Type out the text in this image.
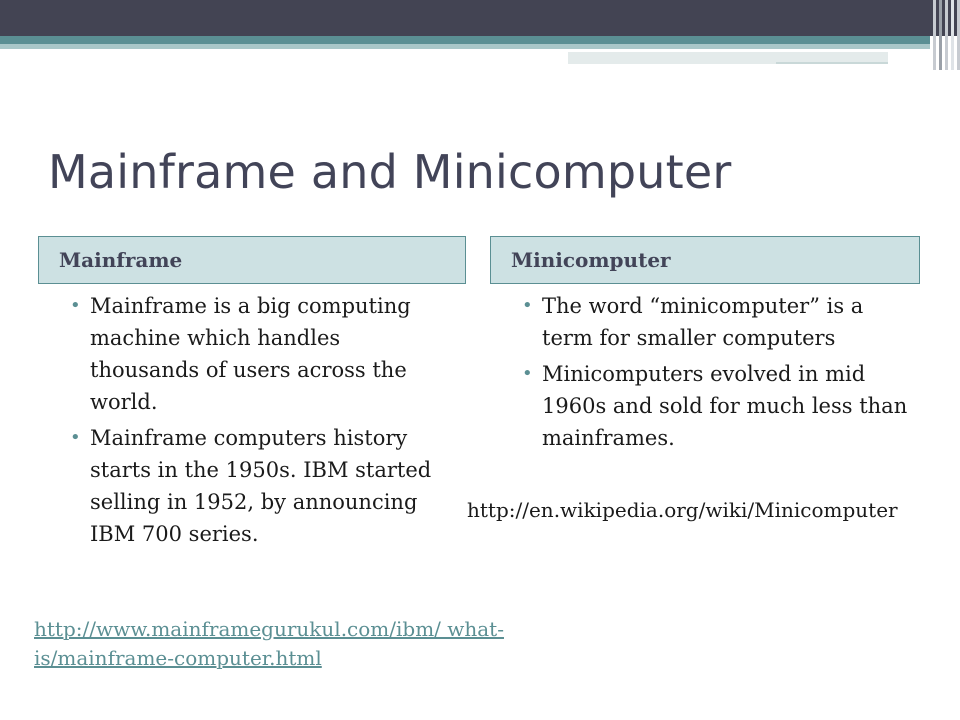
Mainframe and Minicomputer
Mainframe	Minicomputer
• Mainframe is a big computing machine which handles thousands of users across the world.
• Mainframe computers history starts in the 1950s. IBM started selling in 1952, by announcing IBM 700 series.
• The word “minicomputer” is a term for smaller computers
• Minicomputers evolved in mid 1960s and sold for much less than mainframes.
http://en.wikipedia.org/wiki/Minicomputer
http://www.mainframegurukul.com/ibm/ what-is/mainframe-computer.html
